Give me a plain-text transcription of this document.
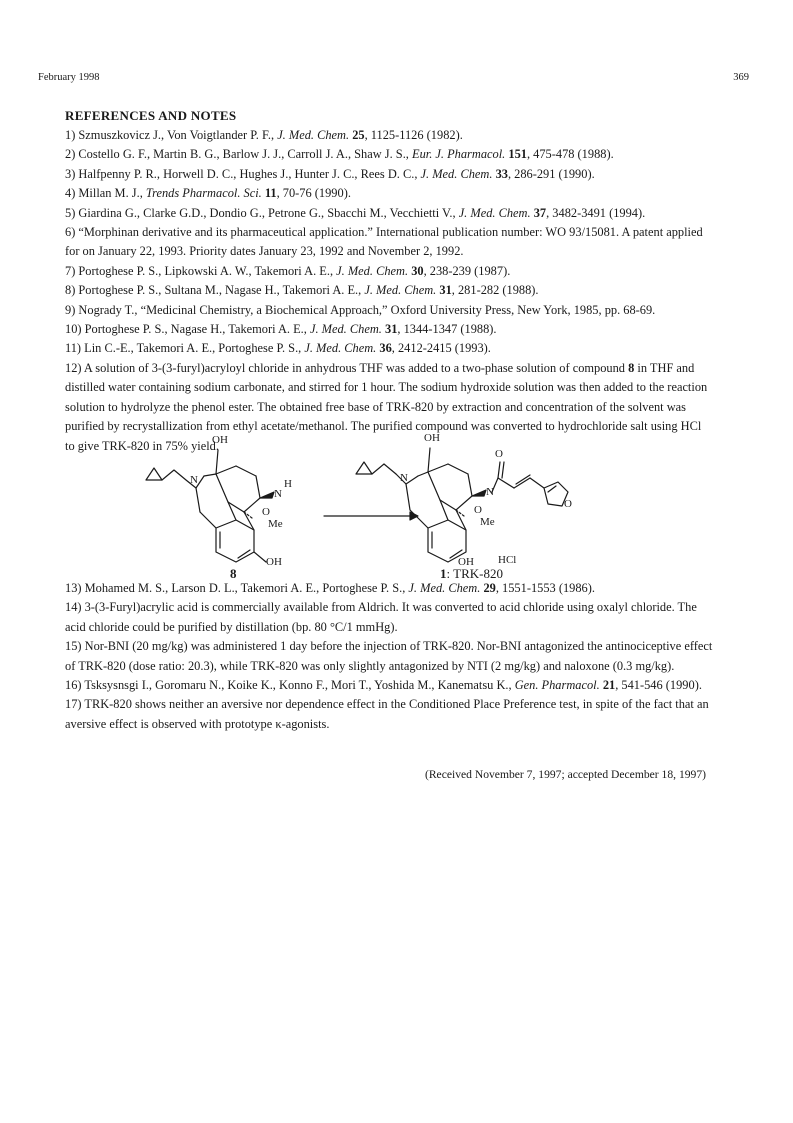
February 1998	369
REFERENCES AND NOTES

1) Szmuszkovicz J., Von Voigtlander P. F., J. Med. Chem. 25, 1125-1126 (1982).

2) Costello G. F., Martin B. G., Barlow J. J., Carroll J. A., Shaw J. S., Eur. J. Pharmacol. 151, 475-478 (1988).

3) Halfpenny P. R., Horwell D. C., Hughes J., Hunter J. C., Rees D. C., J. Med. Chem. 33, 286-291 (1990).

4) Millan M. J., Trends Pharmacol. Sci. 11, 70-76 (1990).

5) Giardina G., Clarke G.D., Dondio G., Petrone G., Sbacchi M., Vecchietti V., J. Med. Chem. 37, 3482-3491 (1994).

6) “Morphinan derivative and its pharmaceutical application.” International publication number: WO 93/15081. A patent applied for on January 22, 1993. Priority dates January 23, 1992 and November 2, 1992.

7) Portoghese P. S., Lipkowski A. W., Takemori A. E., J. Med. Chem. 30, 238-239 (1987).

8) Portoghese P. S., Sultana M., Nagase H., Takemori A. E., J. Med. Chem. 31, 281-282 (1988).

9) Nogrady T., “Medicinal Chemistry, a Biochemical Approach,” Oxford University Press, New York, 1985, pp. 68-69.

10) Portoghese P. S., Nagase H., Takemori A. E., J. Med. Chem. 31, 1344-1347 (1988).

11) Lin C.-E., Takemori A. E., Portoghese P. S., J. Med. Chem. 36, 2412-2415 (1993).

12) A solution of 3-(3-furyl)acryloyl chloride in anhydrous THF was added to a two-phase solution of compound 8 in THF and distilled water containing sodium carbonate, and stirred for 1 hour. The sodium hydroxide solution was then added to the reaction solution to hydrolyze the phenol ester. The obtained free base of TRK-820 by extraction and concentration of the solvent was purified by recrystallization from ethyl acetate/methanol. The purified compound was converted to hydrochloride salt using HCl to give TRK-820 in 75% yield.

OH
N
N
H
O
Me
OH
8
OH
N
N
O
O
Me
O
OH HCl
1: TRK-820

13) Mohamed M. S., Larson D. L., Takemori A. E., Portoghese P. S., J. Med. Chem. 29, 1551-1553 (1986).

14) 3-(3-Furyl)acrylic acid is commercially available from Aldrich. It was converted to acid chloride using oxalyl chloride. The acid chloride could be purified by distillation (bp. 80 °C/1 mmHg).

15) Nor-BNI (20 mg/kg) was administered 1 day before the injection of TRK-820. Nor-BNI antagonized the antinociceptive effect of TRK-820 (dose ratio: 20.3), while TRK-820 was only slightly antagonized by NTI (2 mg/kg) and naloxone (0.3 mg/kg).

16) Tsksysnsgi I., Goromaru N., Koike K., Konno F., Mori T., Yoshida M., Kanematsu K., Gen. Pharmacol. 21, 541-546 (1990).

17) TRK-820 shows neither an aversive nor dependence effect in the Conditioned Place Preference test, in spite of the fact that an aversive effect is observed with prototype κ-agonists.

(Received November 7, 1997; accepted December 18, 1997)
